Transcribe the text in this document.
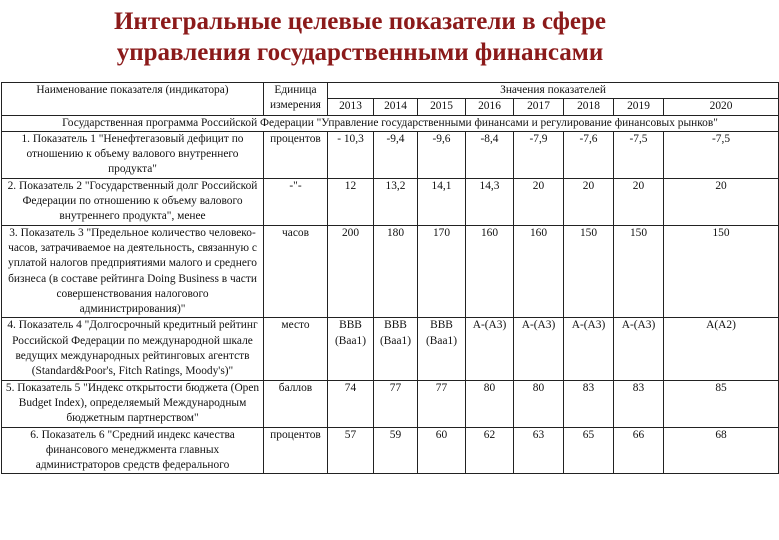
Интегральные целевые показатели в сфере
управления государственными финансами
Наименование показателя (индикатора)	Единица измерения	Значения показателей							
		2013	2014	2015	2016	2017	2018	2019	2020
Государственная программа Российской Федерации "Управление государственными финансами и регулирование финансовых рынков"									
1. Показатель 1 "Ненефтегазовый дефицит по отношению к объему валового внутреннего продукта"	процентов	- 10,3	-9,4	-9,6	-8,4	-7,9	-7,6	-7,5	-7,5
2. Показатель 2 "Государственный долг Российской Федерации по отношению к объему валового внутреннего продукта", менее	-"-	12	13,2	14,1	14,3	20	20	20	20
3. Показатель 3 "Предельное количество человеко-часов, затрачиваемое на деятельность, связанную с уплатой налогов предприятиями малого и среднего бизнеса (в составе рейтинга Doing Business в части совершенствования налогового администрирования)"	часов	200	180	170	160	160	150	150	150
4. Показатель 4 "Долгосрочный кредитный рейтинг Российской Федерации по международной шкале ведущих международных рейтинговых агентств (Standard&Poor's, Fitch Ratings, Moody's)"	место	BBB (Baa1)	BBB (Baa1)	BBB (Baa1)	A-(A3)	A-(A3)	A-(A3)	A-(A3)	A(A2)
5. Показатель 5 "Индекс открытости бюджета (Open Budget Index), определяемый Международным бюджетным партнерством"	баллов	74	77	77	80	80	83	83	85
6. Показатель 6 "Средний индекс качества финансового менеджмента главных администраторов средств федерального	процентов	57	59	60	62	63	65	66	68
